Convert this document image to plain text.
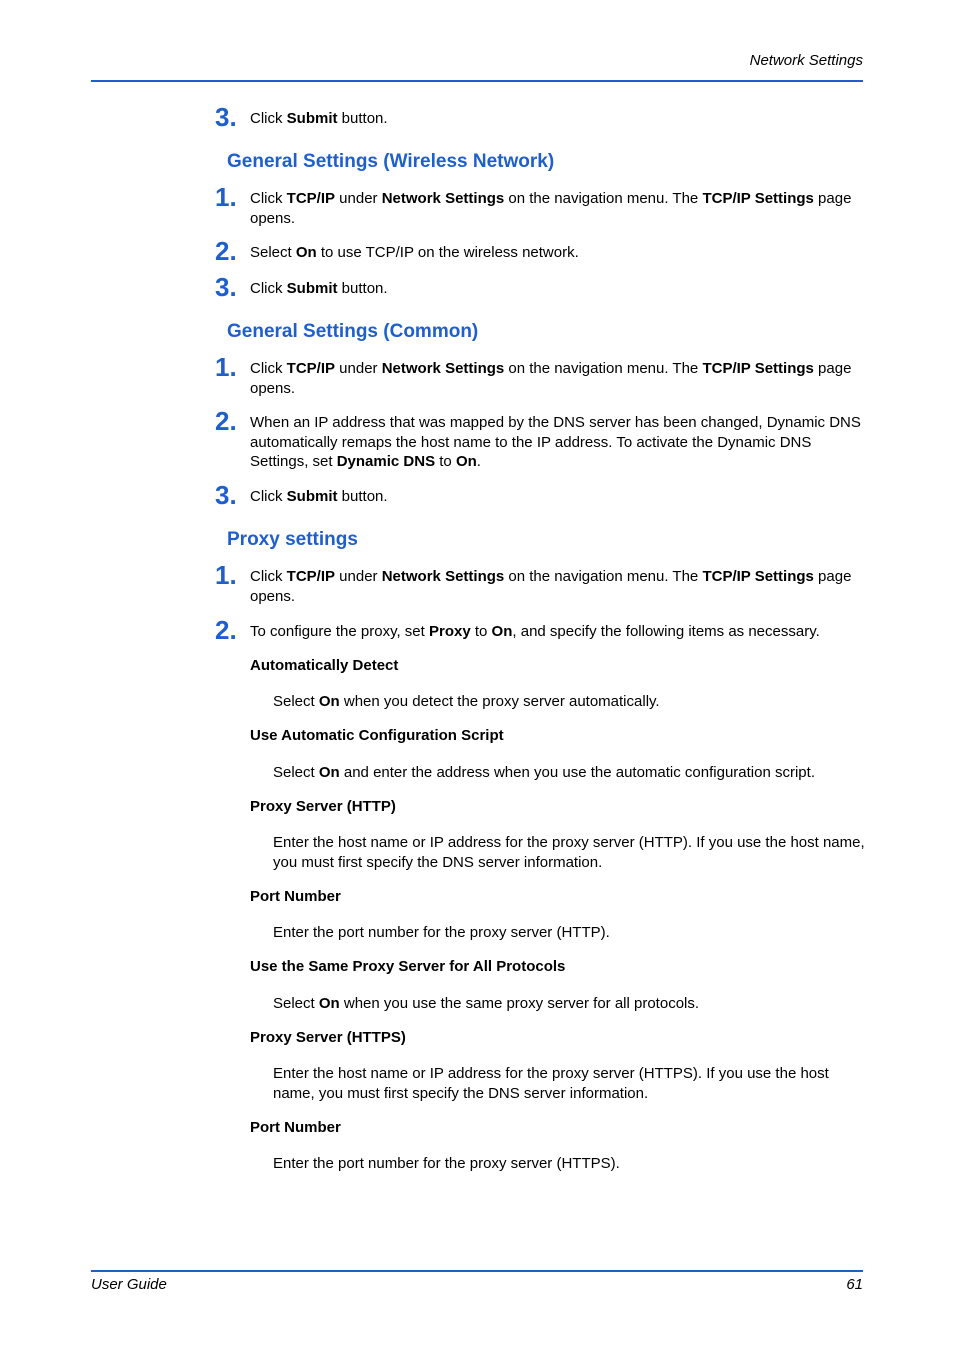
Network Settings
3. Click Submit button.
General Settings (Wireless Network)
1. Click TCP/IP under Network Settings on the navigation menu. The TCP/IP Settings page opens.
2. Select On to use TCP/IP on the wireless network.
3. Click Submit button.
General Settings (Common)
1. Click TCP/IP under Network Settings on the navigation menu. The TCP/IP Settings page opens.
2. When an IP address that was mapped by the DNS server has been changed, Dynamic DNS automatically remaps the host name to the IP address. To activate the Dynamic DNS Settings, set Dynamic DNS to On.
3. Click Submit button.
Proxy settings
1. Click TCP/IP under Network Settings on the navigation menu. The TCP/IP Settings page opens.
2. To configure the proxy, set Proxy to On, and specify the following items as necessary.
Automatically Detect
Select On when you detect the proxy server automatically.
Use Automatic Configuration Script
Select On and enter the address when you use the automatic configuration script.
Proxy Server (HTTP)
Enter the host name or IP address for the proxy server (HTTP). If you use the host name, you must first specify the DNS server information.
Port Number
Enter the port number for the proxy server (HTTP).
Use the Same Proxy Server for All Protocols
Select On when you use the same proxy server for all protocols.
Proxy Server (HTTPS)
Enter the host name or IP address for the proxy server (HTTPS). If you use the host name, you must first specify the DNS server information.
Port Number
Enter the port number for the proxy server (HTTPS).
User Guide	61
